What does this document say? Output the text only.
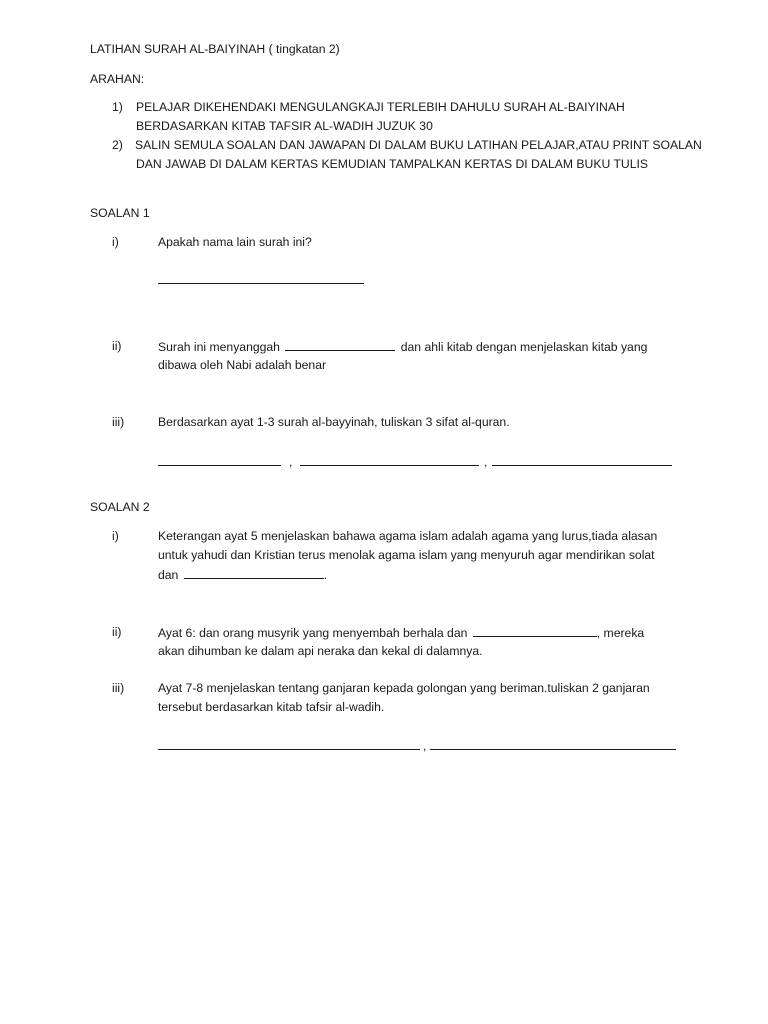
LATIHAN SURAH AL-BAIYINAH ( tingkatan 2)
ARAHAN:
1) PELAJAR DIKEHENDAKI MENGULANGKAJI TERLEBIH DAHULU SURAH AL-BAIYINAH
BERDASARKAN KITAB TAFSIR AL-WADIH JUZUK 30
2) SALIN SEMULA SOALAN DAN JAWAPAN DI DALAM BUKU LATIHAN PELAJAR,ATAU PRINT SOALAN
DAN JAWAB DI DALAM KERTAS KEMUDIAN TAMPALKAN KERTAS DI DALAM BUKU TULIS
SOALAN 1
i)	Apakah nama lain surah ini?
ii)	Surah ini menyanggah	dan ahli kitab dengan menjelaskan kitab yang
dibawa oleh Nabi adalah benar
iii)	Berdasarkan ayat 1-3 surah al-bayyinah, tuliskan 3 sifat al-quran.
,	,
SOALAN 2
i)	Keterangan ayat 5 menjelaskan bahawa agama islam adalah agama yang lurus,tiada alasan
untuk yahudi dan Kristian terus menolak agama islam yang menyuruh agar mendirikan solat
dan	.
ii)	Ayat 6: dan orang musyrik yang menyembah berhala dan	, mereka
akan dihumban ke dalam api neraka dan kekal di dalamnya.
iii)	Ayat 7-8 menjelaskan tentang ganjaran kepada golongan yang beriman.tuliskan 2 ganjaran
tersebut berdasarkan kitab tafsir al-wadih.
,
